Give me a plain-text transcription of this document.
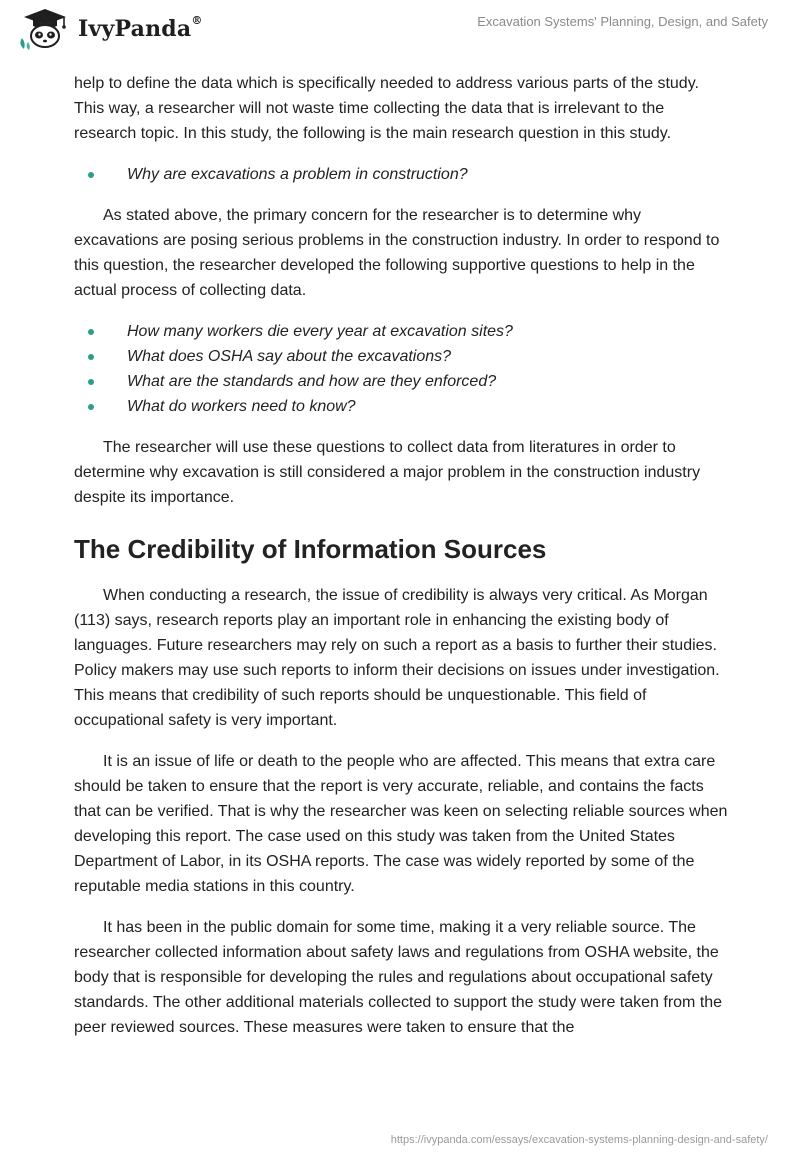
IvyPanda®	Excavation Systems' Planning, Design, and Safety

help to define the data which is specifically needed to address various parts of the study. This way, a researcher will not waste time collecting the data that is irrelevant to the research topic. In this study, the following is the main research question in this study.

Why are excavations a problem in construction?

As stated above, the primary concern for the researcher is to determine why excavations are posing serious problems in the construction industry. In order to respond to this question, the researcher developed the following supportive questions to help in the actual process of collecting data.

How many workers die every year at excavation sites?
What does OSHA say about the excavations?
What are the standards and how are they enforced?
What do workers need to know?

The researcher will use these questions to collect data from literatures in order to determine why excavation is still considered a major problem in the construction industry despite its importance.

The Credibility of Information Sources

When conducting a research, the issue of credibility is always very critical. As Morgan (113) says, research reports play an important role in enhancing the existing body of languages. Future researchers may rely on such a report as a basis to further their studies. Policy makers may use such reports to inform their decisions on issues under investigation. This means that credibility of such reports should be unquestionable. This field of occupational safety is very important.

It is an issue of life or death to the people who are affected. This means that extra care should be taken to ensure that the report is very accurate, reliable, and contains the facts that can be verified. That is why the researcher was keen on selecting reliable sources when developing this report. The case used on this study was taken from the United States Department of Labor, in its OSHA reports. The case was widely reported by some of the reputable media stations in this country.

It has been in the public domain for some time, making it a very reliable source. The researcher collected information about safety laws and regulations from OSHA website, the body that is responsible for developing the rules and regulations about occupational safety standards. The other additional materials collected to support the study were taken from the peer reviewed sources. These measures were taken to ensure that the

https://ivypanda.com/essays/excavation-systems-planning-design-and-safety/
